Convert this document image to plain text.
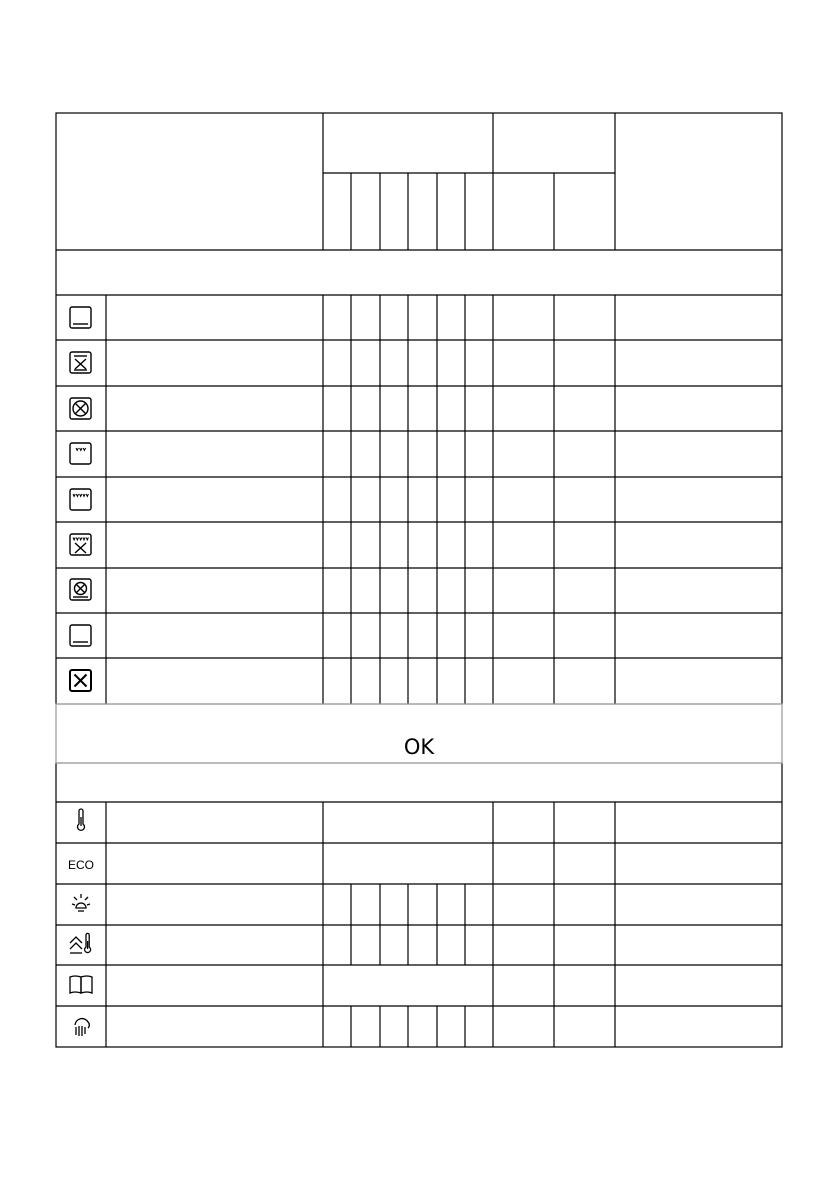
ECO
OK
